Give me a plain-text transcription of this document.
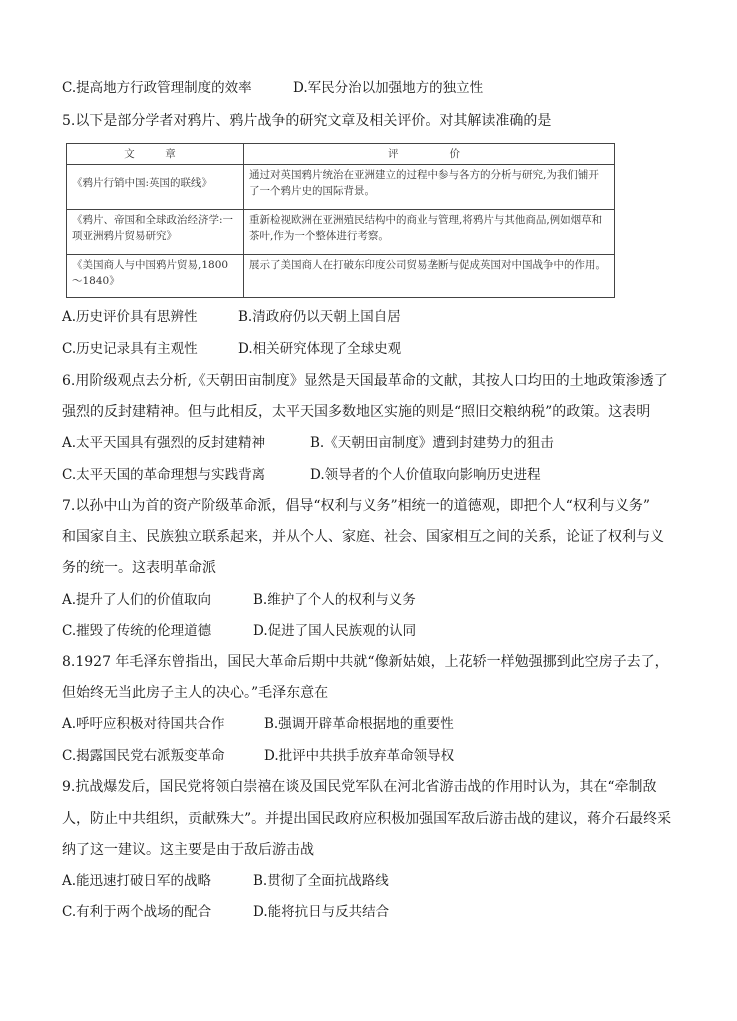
C.提高地方行政管理制度的效率	D.军民分治以加强地方的独立性
5.以下是部分学者对鸦片、鸦片战争的研究文章及相关评价。对其解读准确的是
文　章	评　　价
《鸦片行销中国:英国的联线》	通过对英国鸦片统治在亚洲建立的过程中参与各方的分析与研究,为我们铺开了一个鸦片史的国际背景。
《鸦片、帝国和全球政治经济学:一项亚洲鸦片贸易研究》	重新检视欧洲在亚洲殖民结构中的商业与管理,将鸦片与其他商品,例如烟草和茶叶,作为一个整体进行考察。
《美国商人与中国鸦片贸易,1800～1840》	展示了美国商人在打破东印度公司贸易垄断与促成英国对中国战争中的作用。
A.历史评价具有思辨性	B.清政府仍以天朝上国自居
C.历史记录具有主观性	D.相关研究体现了全球史观
6.用阶级观点去分析,《天朝田亩制度》显然是天国最革命的文献，其按人口均田的土地政策渗透了
强烈的反封建精神。但与此相反，太平天国多数地区实施的则是“照旧交粮纳税”的政策。这表明
A.太平天国具有强烈的反封建精神	B.《天朝田亩制度》遭到封建势力的狙击
C.太平天国的革命理想与实践背离	D.领导者的个人价值取向影响历史进程
7.以孙中山为首的资产阶级革命派，倡导“权利与义务”相统一的道德观，即把个人“权利与义务”
和国家自主、民族独立联系起来，并从个人、家庭、社会、国家相互之间的关系，论证了权利与义
务的统一。这表明革命派
A.提升了人们的价值取向	B.维护了个人的权利与义务
C.摧毁了传统的伦理道德	D.促进了国人民族观的认同
8.1927 年毛泽东曾指出，国民大革命后期中共就“像新姑娘，上花轿一样勉强挪到此空房子去了，
但始终无当此房子主人的决心。”毛泽东意在
A.呼吁应积极对待国共合作	B.强调开辟革命根据地的重要性
C.揭露国民党右派叛变革命	D.批评中共拱手放弃革命领导权
9.抗战爆发后，国民党将领白崇禧在谈及国民党军队在河北省游击战的作用时认为，其在“牵制敌
人，防止中共组织，贡献殊大”。并提出国民政府应积极加强国军敌后游击战的建议，蒋介石最终采
纳了这一建议。这主要是由于敌后游击战
A.能迅速打破日军的战略	B.贯彻了全面抗战路线
C.有利于两个战场的配合	D.能将抗日与反共结合
